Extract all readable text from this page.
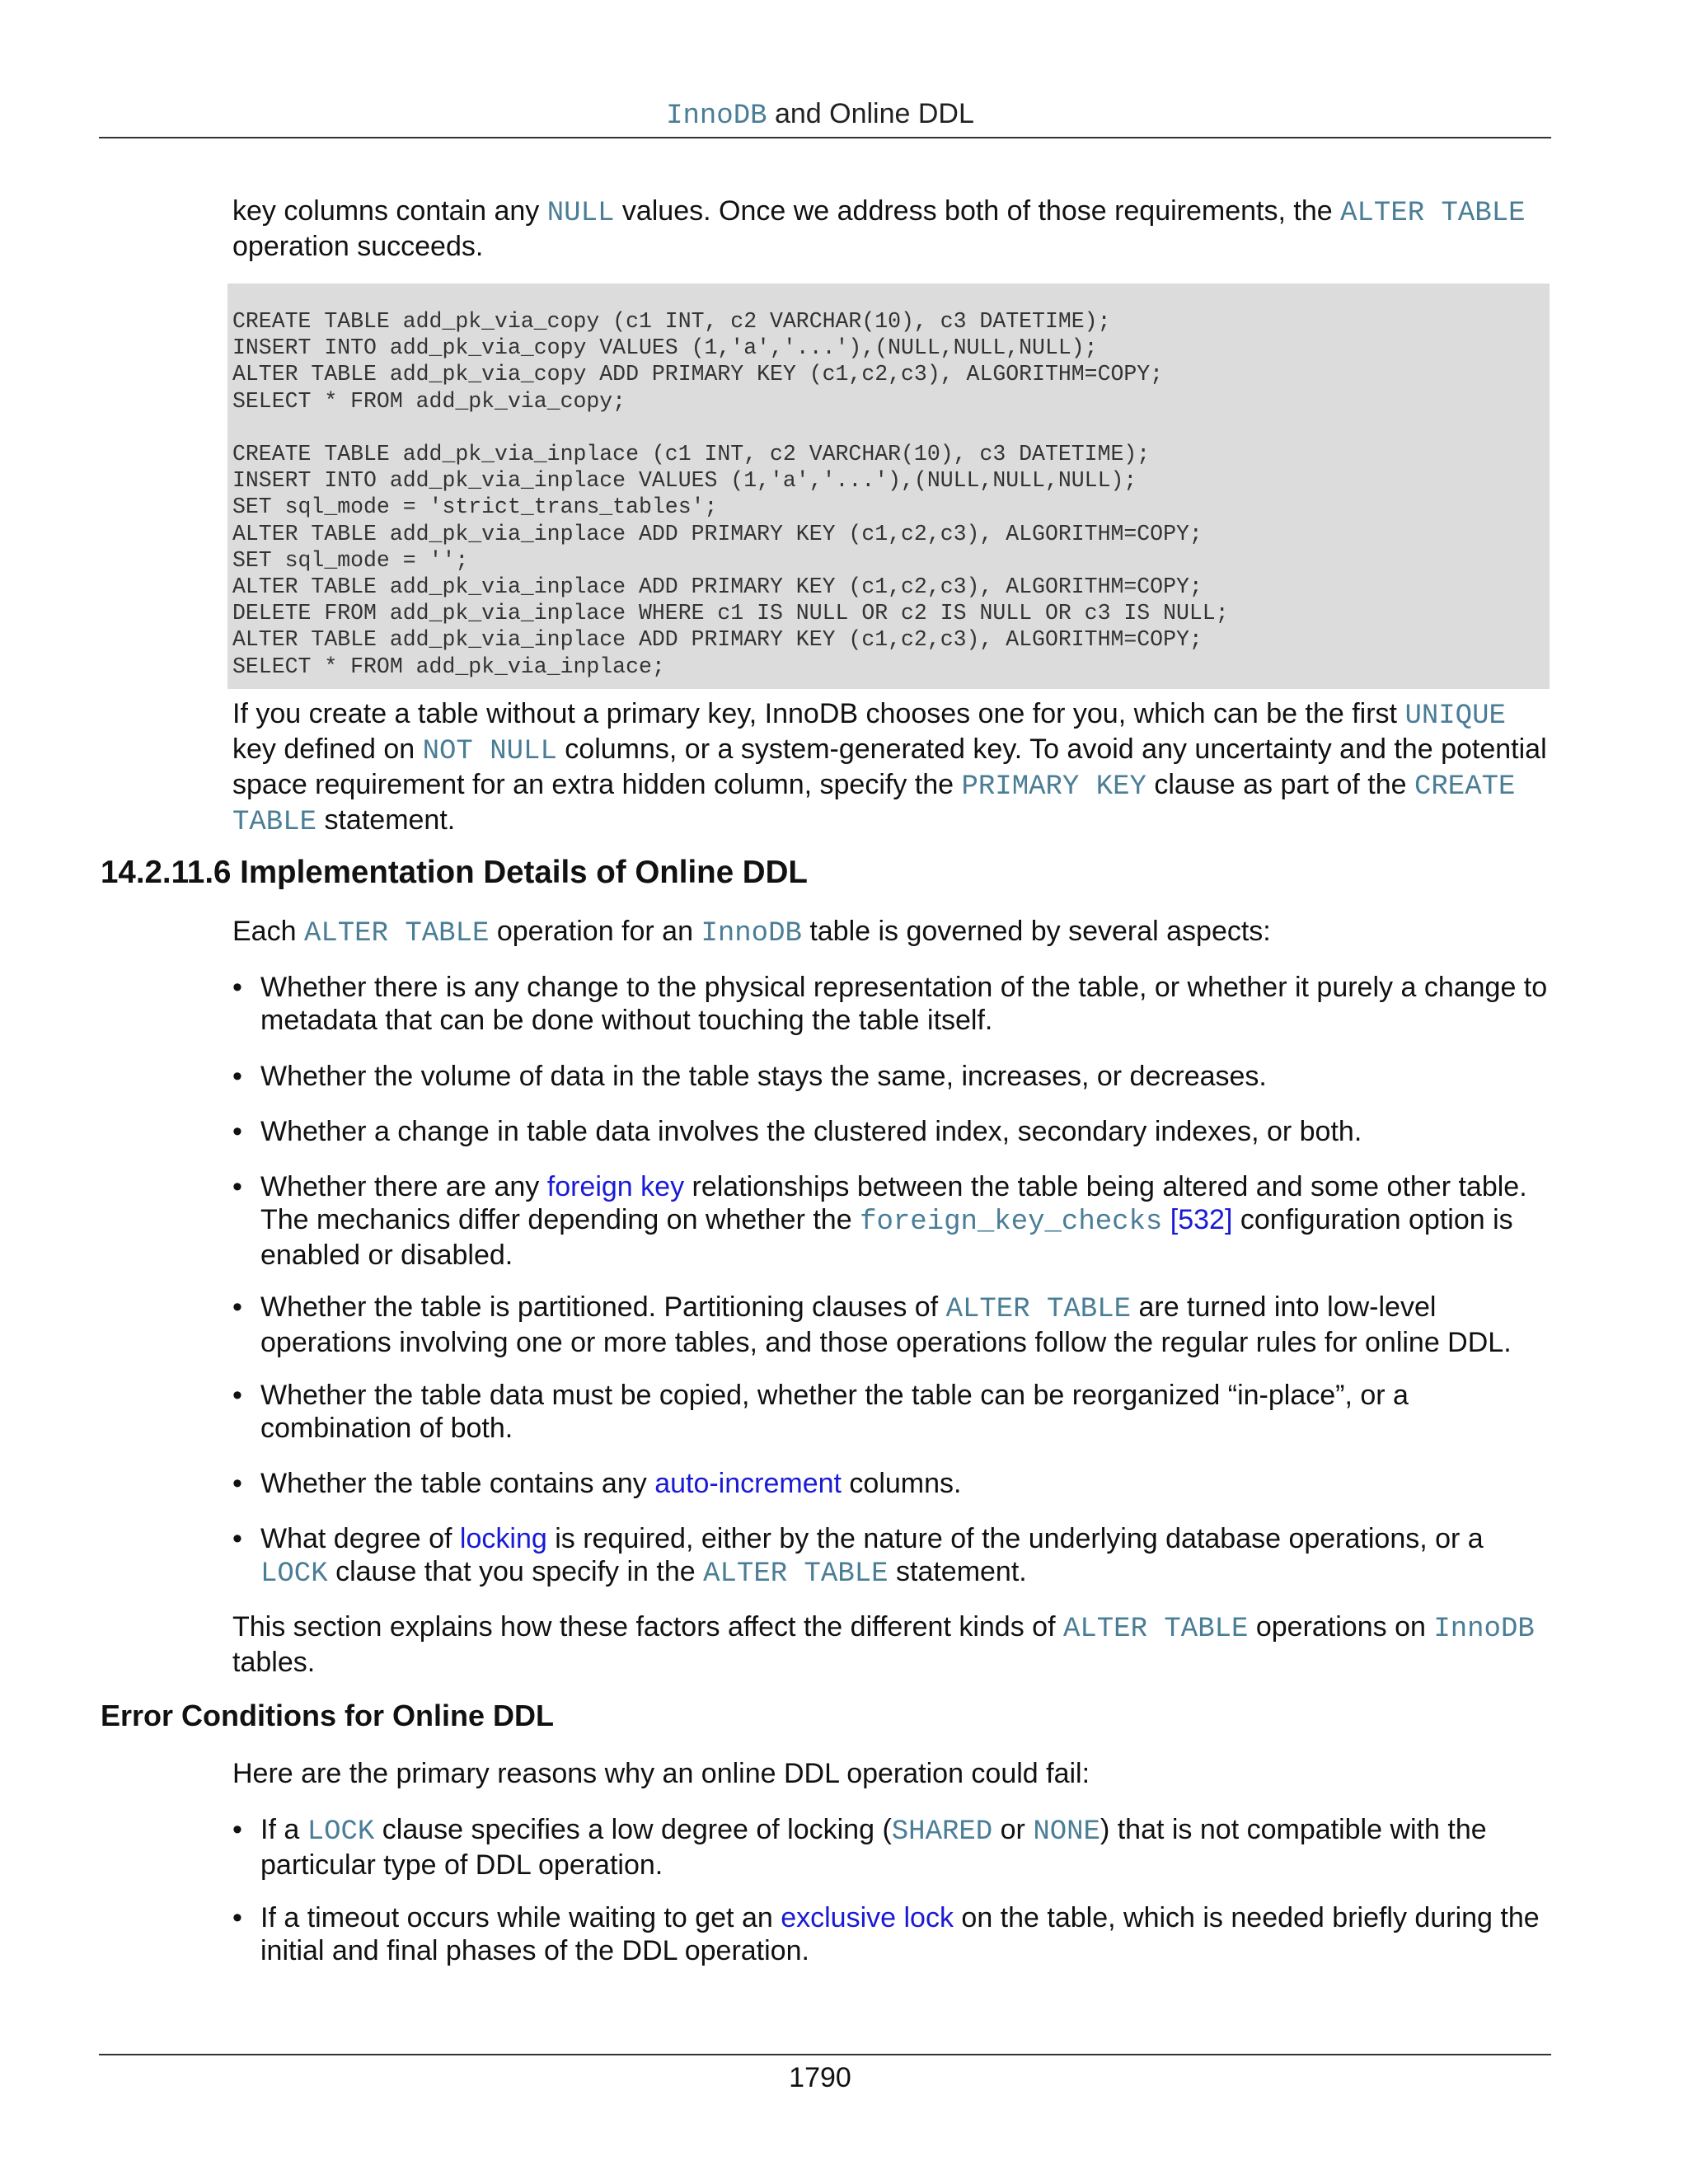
InnoDB and Online DDL

key columns contain any NULL values. Once we address both of those requirements, the ALTER TABLE operation succeeds.

CREATE TABLE add_pk_via_copy (c1 INT, c2 VARCHAR(10), c3 DATETIME);
INSERT INTO add_pk_via_copy VALUES (1,'a','...'),(NULL,NULL,NULL);
ALTER TABLE add_pk_via_copy ADD PRIMARY KEY (c1,c2,c3), ALGORITHM=COPY;
SELECT * FROM add_pk_via_copy;

CREATE TABLE add_pk_via_inplace (c1 INT, c2 VARCHAR(10), c3 DATETIME);
INSERT INTO add_pk_via_inplace VALUES (1,'a','...'),(NULL,NULL,NULL);
SET sql_mode = 'strict_trans_tables';
ALTER TABLE add_pk_via_inplace ADD PRIMARY KEY (c1,c2,c3), ALGORITHM=COPY;
SET sql_mode = '';
ALTER TABLE add_pk_via_inplace ADD PRIMARY KEY (c1,c2,c3), ALGORITHM=COPY;
DELETE FROM add_pk_via_inplace WHERE c1 IS NULL OR c2 IS NULL OR c3 IS NULL;
ALTER TABLE add_pk_via_inplace ADD PRIMARY KEY (c1,c2,c3), ALGORITHM=COPY;
SELECT * FROM add_pk_via_inplace;

If you create a table without a primary key, InnoDB chooses one for you, which can be the first UNIQUE key defined on NOT NULL columns, or a system-generated key. To avoid any uncertainty and the potential space requirement for an extra hidden column, specify the PRIMARY KEY clause as part of the CREATE TABLE statement.

14.2.11.6 Implementation Details of Online DDL

Each ALTER TABLE operation for an InnoDB table is governed by several aspects:

• Whether there is any change to the physical representation of the table, or whether it purely a change to metadata that can be done without touching the table itself.
• Whether the volume of data in the table stays the same, increases, or decreases.
• Whether a change in table data involves the clustered index, secondary indexes, or both.
• Whether there are any foreign key relationships between the table being altered and some other table. The mechanics differ depending on whether the foreign_key_checks [532] configuration option is enabled or disabled.
• Whether the table is partitioned. Partitioning clauses of ALTER TABLE are turned into low-level operations involving one or more tables, and those operations follow the regular rules for online DDL.
• Whether the table data must be copied, whether the table can be reorganized “in-place”, or a combination of both.
• Whether the table contains any auto-increment columns.
• What degree of locking is required, either by the nature of the underlying database operations, or a LOCK clause that you specify in the ALTER TABLE statement.

This section explains how these factors affect the different kinds of ALTER TABLE operations on InnoDB tables.

Error Conditions for Online DDL

Here are the primary reasons why an online DDL operation could fail:

• If a LOCK clause specifies a low degree of locking (SHARED or NONE) that is not compatible with the particular type of DDL operation.
• If a timeout occurs while waiting to get an exclusive lock on the table, which is needed briefly during the initial and final phases of the DDL operation.
1790
